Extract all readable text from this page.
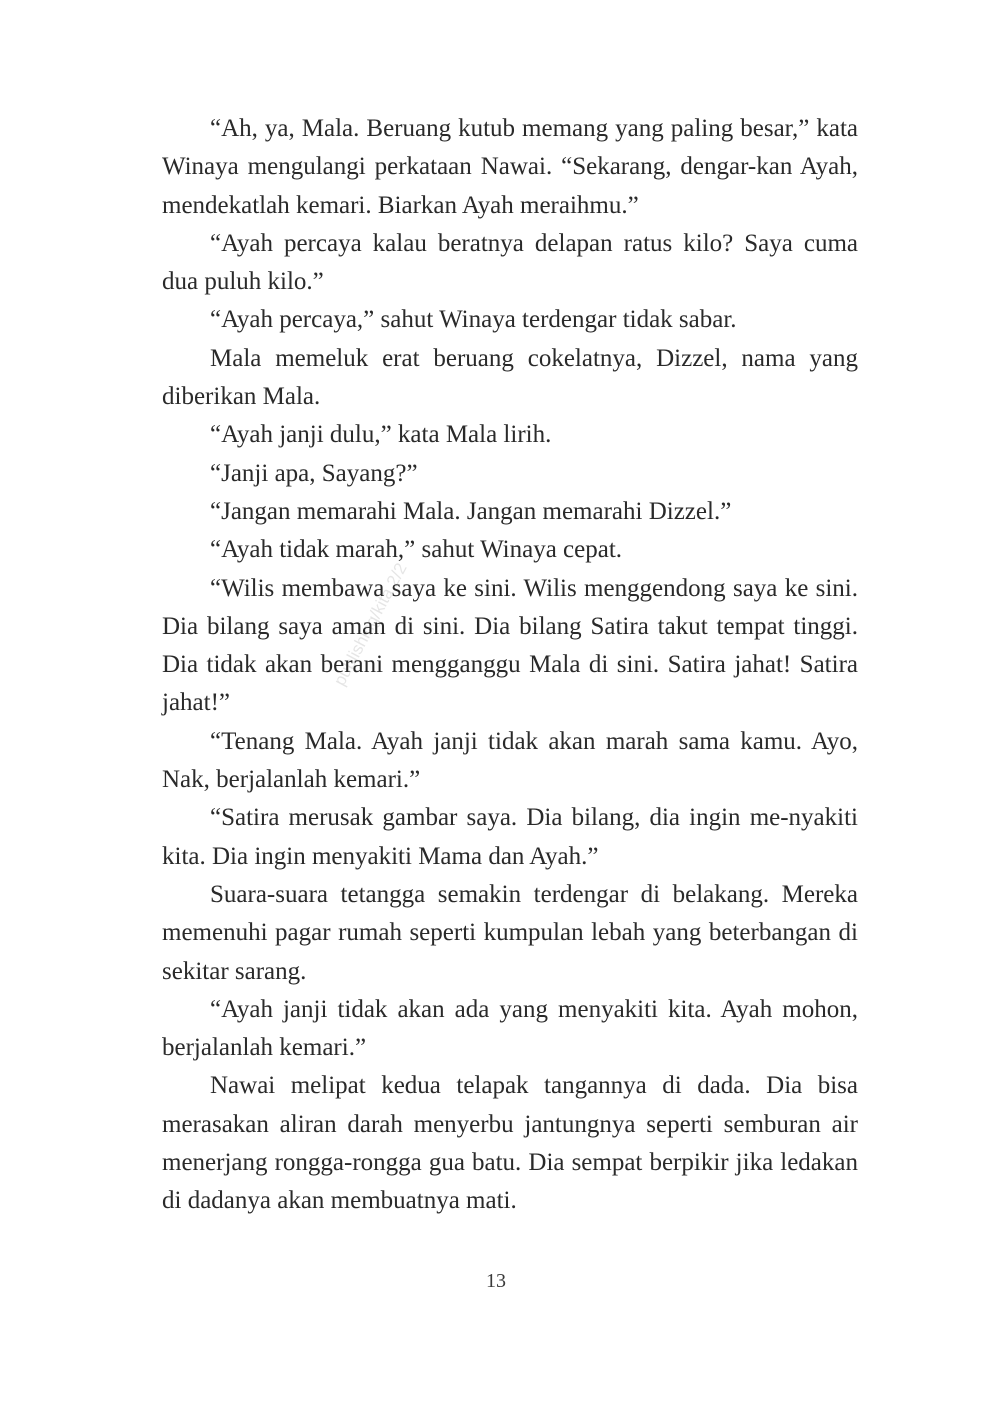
publishing/kita 2/2

“Ah, ya, Mala. Beruang kutub memang yang paling besar,” kata Winaya mengulangi perkataan Nawai. “Sekarang, dengar-kan Ayah, mendekatlah kemari. Biarkan Ayah meraihmu.”

“Ayah percaya kalau beratnya delapan ratus kilo? Saya cuma dua puluh kilo.”

“Ayah percaya,” sahut Winaya terdengar tidak sabar.

Mala memeluk erat beruang cokelatnya, Dizzel, nama yang diberikan Mala.

“Ayah janji dulu,” kata Mala lirih.

“Janji apa, Sayang?”

“Jangan memarahi Mala. Jangan memarahi Dizzel.”

“Ayah tidak marah,” sahut Winaya cepat.

“Wilis membawa saya ke sini. Wilis menggendong saya ke sini. Dia bilang saya aman di sini. Dia bilang Satira takut tempat tinggi. Dia tidak akan berani mengganggu Mala di sini. Satira jahat! Satira jahat!”

“Tenang Mala. Ayah janji tidak akan marah sama kamu. Ayo, Nak, berjalanlah kemari.”

“Satira merusak gambar saya. Dia bilang, dia ingin me-nyakiti kita. Dia ingin menyakiti Mama dan Ayah.”

Suara-suara tetangga semakin terdengar di belakang. Mereka memenuhi pagar rumah seperti kumpulan lebah yang beterbangan di sekitar sarang.

“Ayah janji tidak akan ada yang menyakiti kita. Ayah mohon, berjalanlah kemari.”

Nawai melipat kedua telapak tangannya di dada. Dia bisa merasakan aliran darah menyerbu jantungnya seperti semburan air menerjang rongga-rongga gua batu. Dia sempat berpikir jika ledakan di dadanya akan membuatnya mati.

13
